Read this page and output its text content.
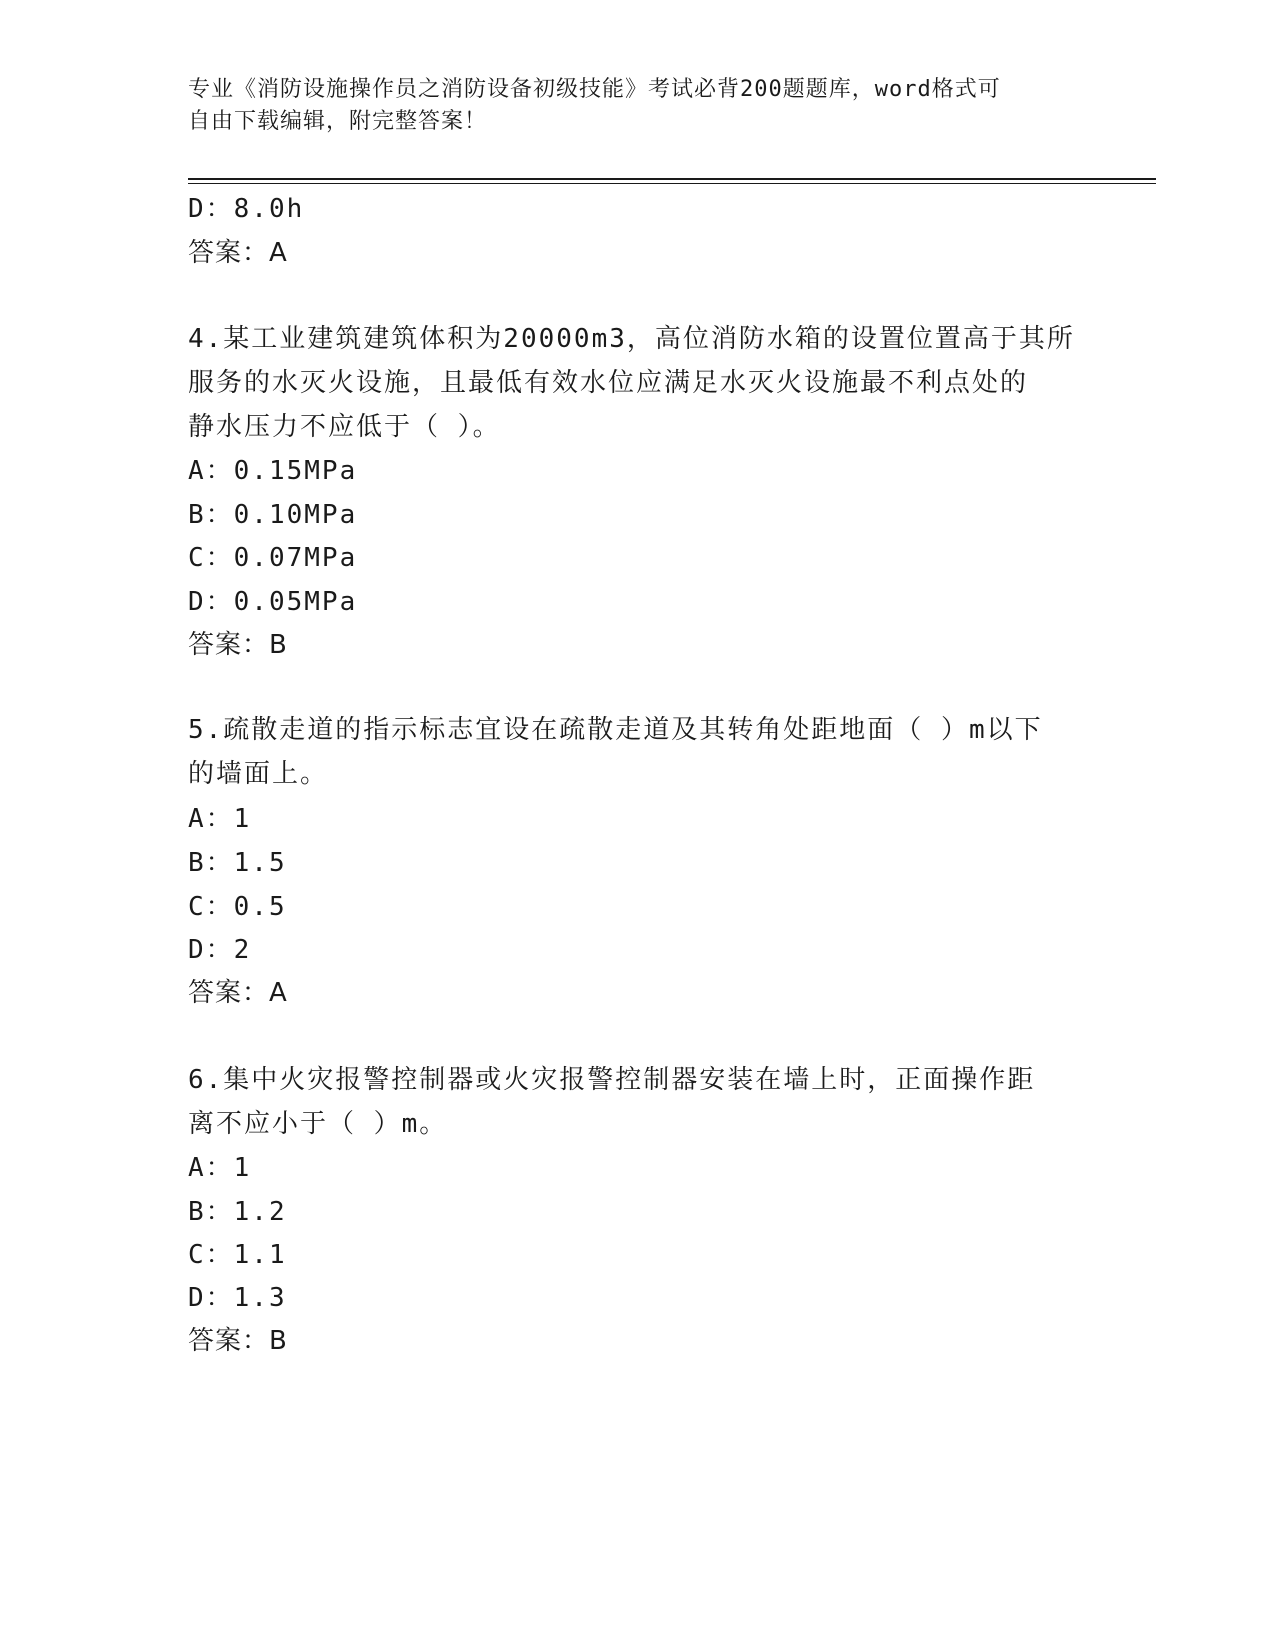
专业《消防设施操作员之消防设备初级技能》考试必背200题题库，word格式可
自由下载编辑，附完整答案！
D：8.0h
答案：A
4.某工业建筑建筑体积为20000m3，高位消防水箱的设置位置高于其所
服务的水灭火设施，且最低有效水位应满足水灭火设施最不利点处的
静水压力不应低于（ ）。
A：0.15MPa
B：0.10MPa
C：0.07MPa
D：0.05MPa
答案：B
5.疏散走道的指示标志宜设在疏散走道及其转角处距地面（ ）m以下
的墙面上。
A：1
B：1.5
C：0.5
D：2
答案：A
6.集中火灾报警控制器或火灾报警控制器安装在墙上时，正面操作距
离不应小于（ ）m。
A：1
B：1.2
C：1.1
D：1.3
答案：B
